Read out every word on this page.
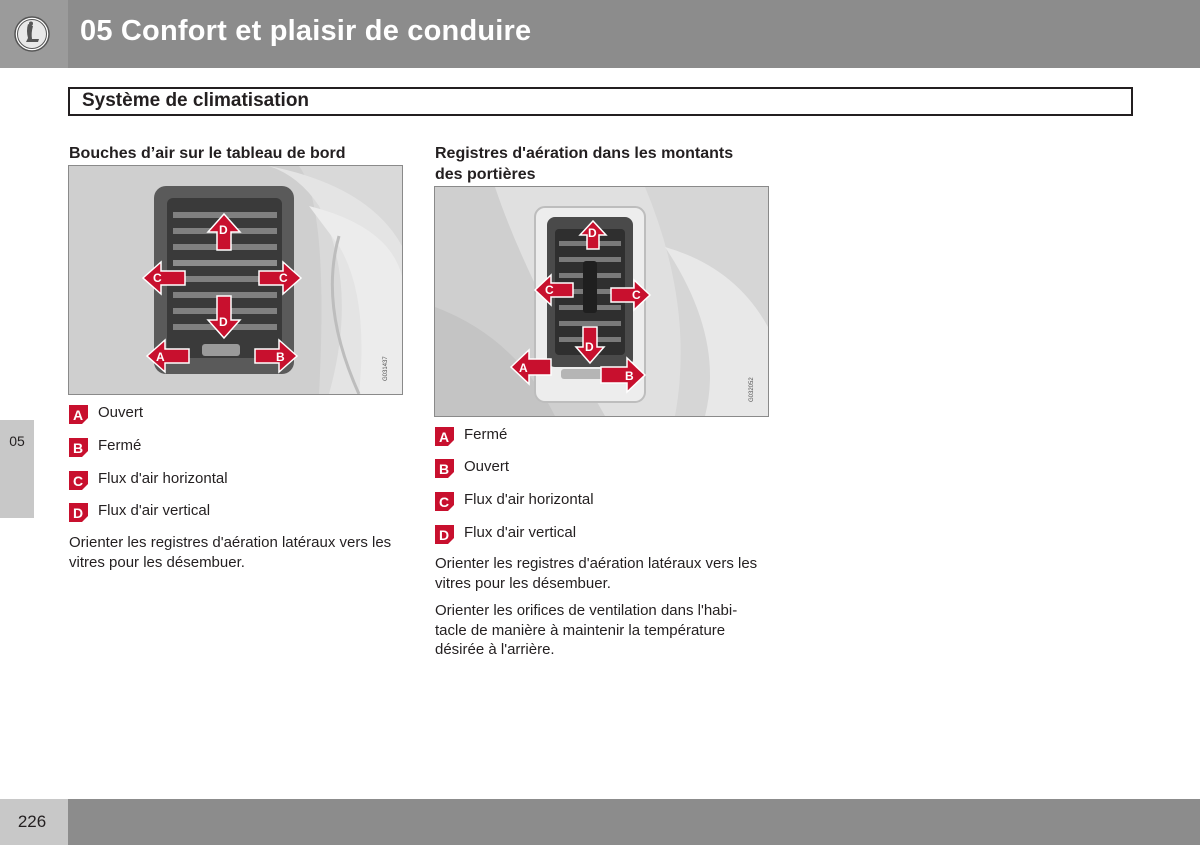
05 Confort et plaisir de conduire
Système de climatisation
05
Bouches d’air sur le tableau de bord
D
D
C	C
A	B	G031437
A Ouvert
B Fermé
C Flux d'air horizontal
D Flux d'air vertical

Orienter les registres d'aération latéraux vers les vitres pour les désembuer.

Registres d'aération dans les montants
des portières
D
D
C	C
A
B
G032052
A Fermé
B Ouvert
C Flux d'air horizontal
D Flux d'air vertical

Orienter les registres d'aération latéraux vers les vitres pour les désembuer.

Orienter les orifices de ventilation dans l'habi-

tacle de manière à maintenir la température

désirée à l'arrière.

226
